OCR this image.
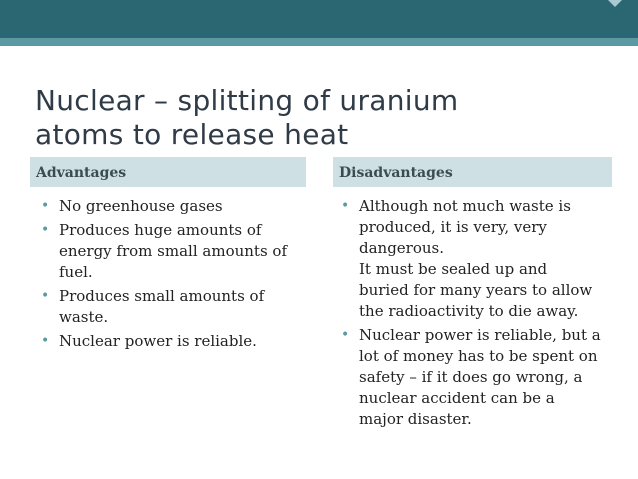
Nuclear – splitting of uranium
atoms to release heat
Advantages	Disadvantages
• No greenhouse gases
• Produces huge amounts of
energy from small amounts of
fuel.
• Produces small amounts of
waste.
• Nuclear power is reliable.
• Although not much waste is
produced, it is very, very
dangerous.
It must be sealed up and
buried for many years to allow
the radioactivity to die away.
• Nuclear power is reliable, but a
lot of money has to be spent on
safety – if it does go wrong, a
nuclear accident can be a
major disaster.
